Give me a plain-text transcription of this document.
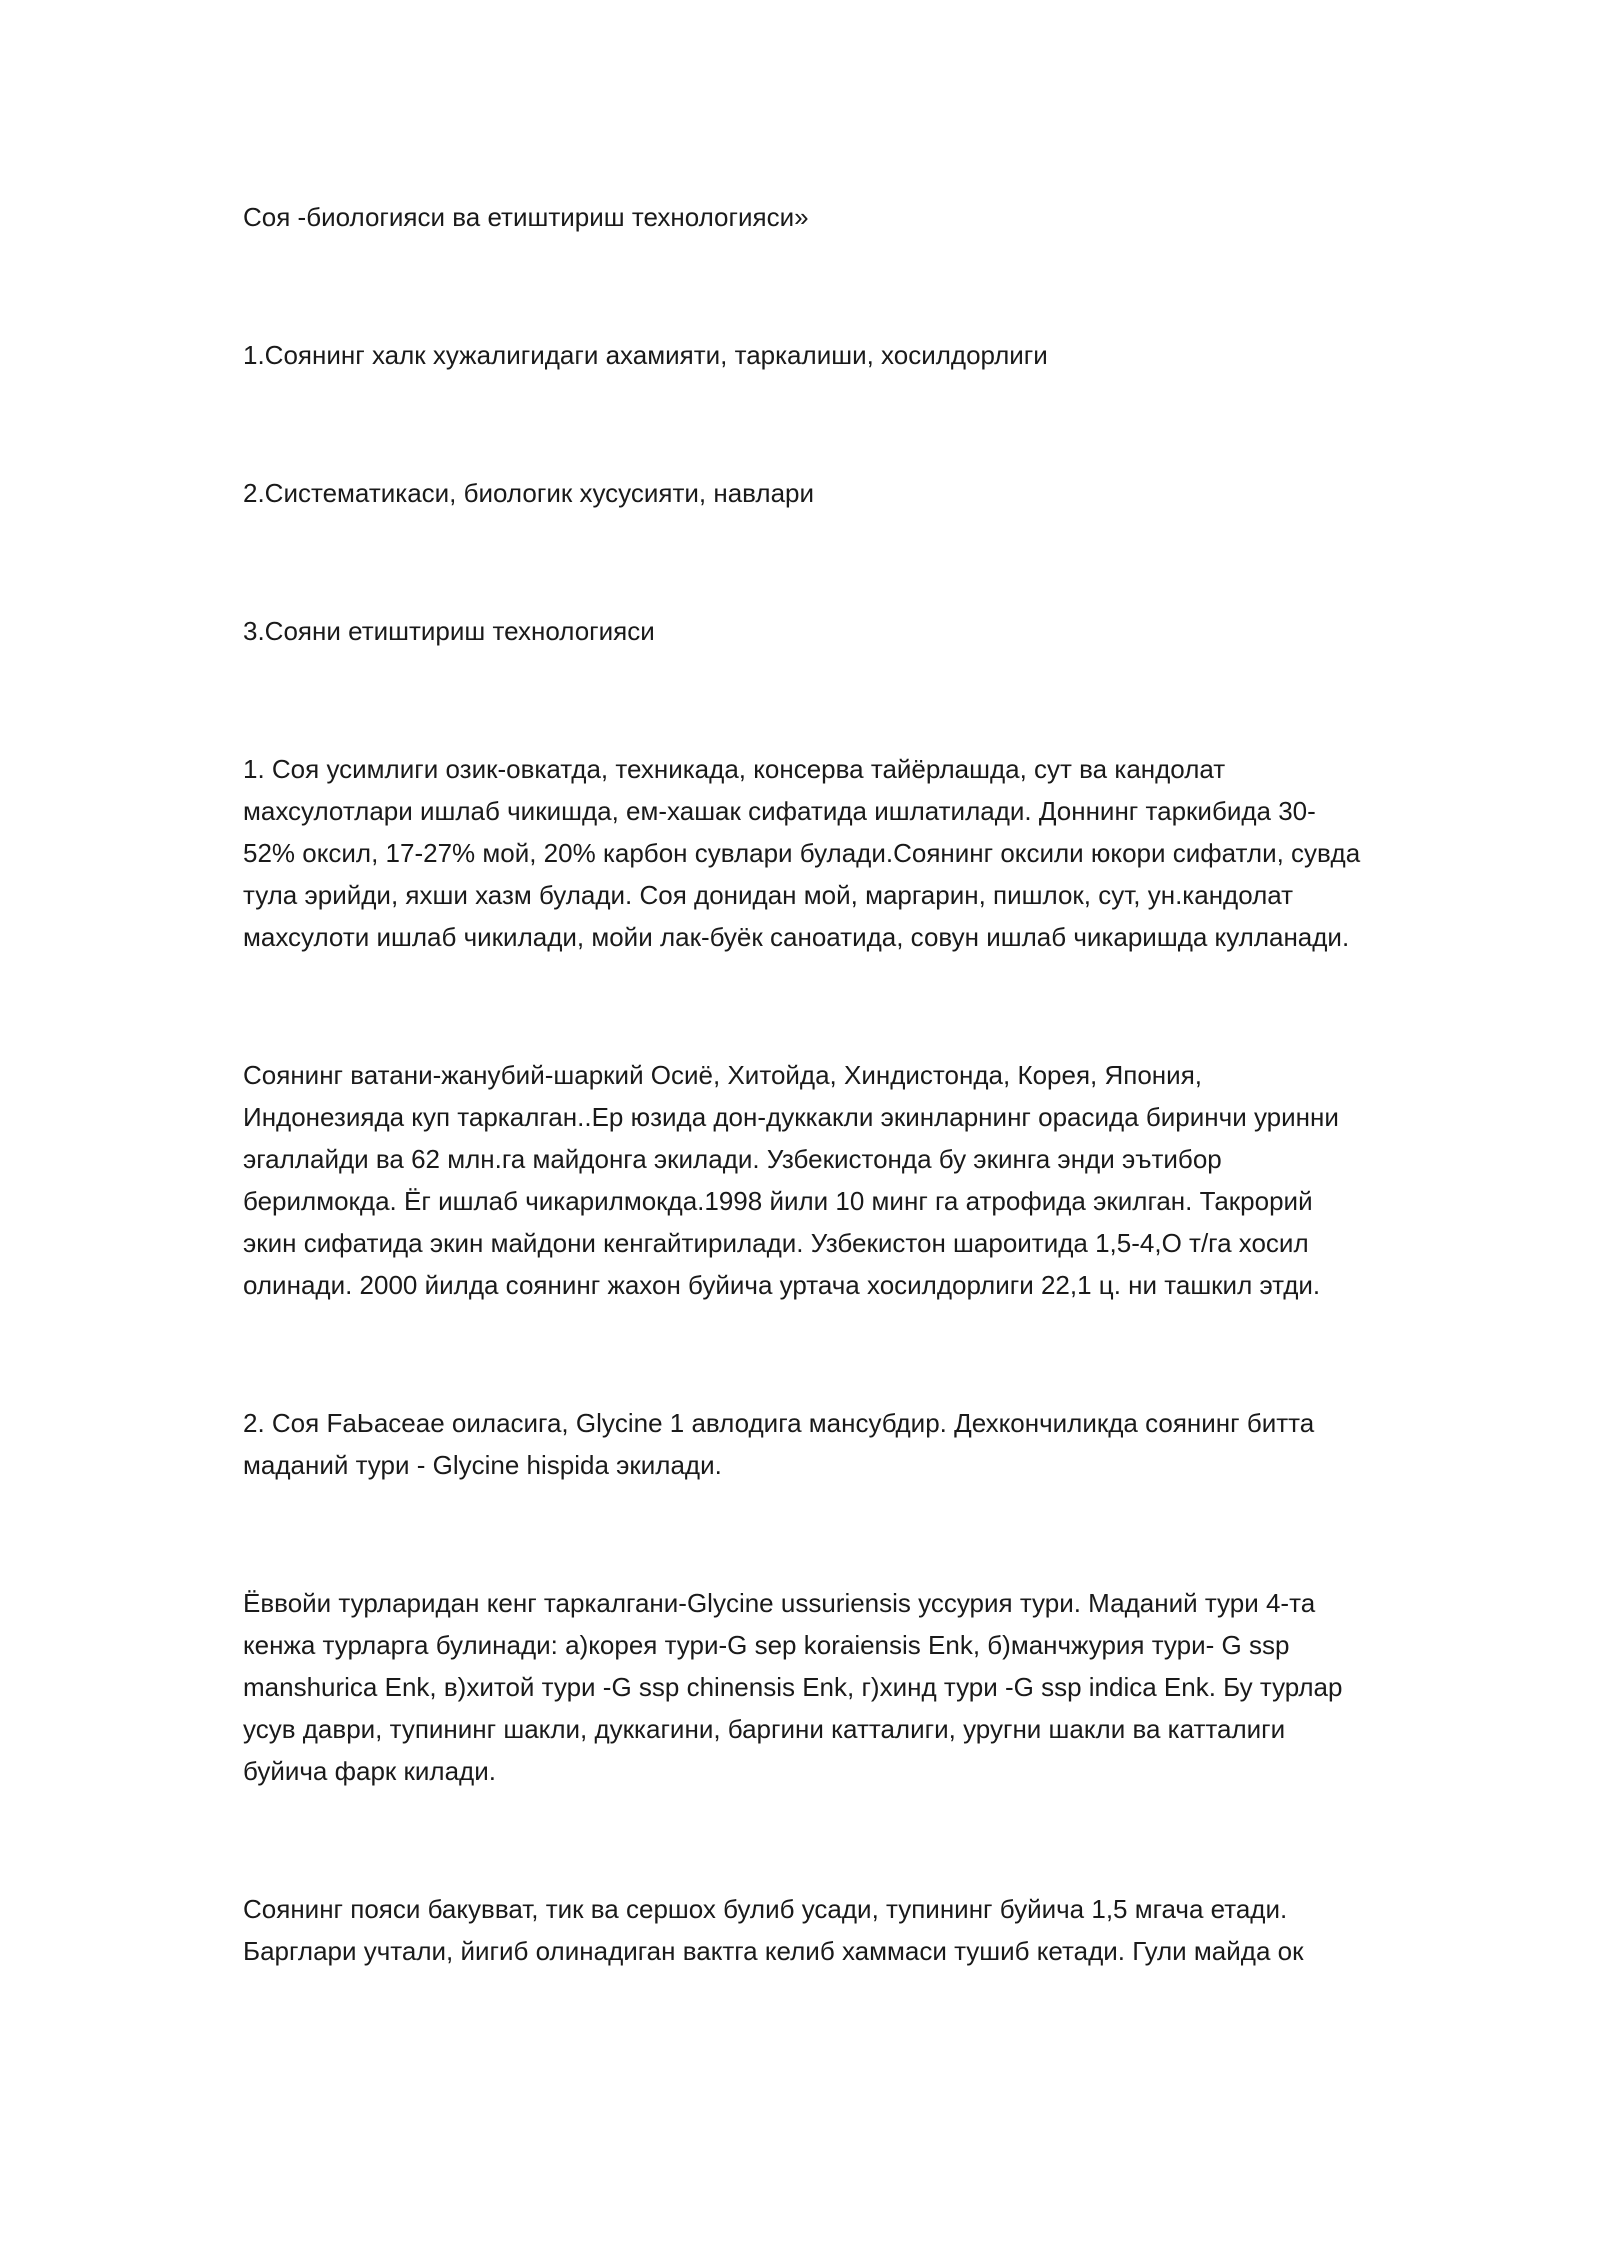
Соя -биологияси ва етиштириш технологияси»

1.Соянинг халк хужалигидаги ахамияти, таркалиши, хосилдорлиги

2.Систематикаси, биологик хусусияти, навлари

3.Сояни етиштириш технологияси

1. Соя усимлиги озик-овкатда, техникада, консерва тайёрлашда, сут ва кандолат махсулотлари ишлаб чикишда, ем-хашак сифатида ишлатилади. Доннинг таркибида 30-52% оксил, 17-27% мой, 20% карбон сувлари булади.Соянинг оксили юкори сифатли, сувда тула эрийди, яхши хазм булади. Соя донидан мой, маргарин, пишлок, сут, ун.кандолат махсулоти ишлаб чикилади, мойи лак-буёк саноатида, совун ишлаб чикаришда кулланади.

Соянинг ватани-жанубий-шаркий Осиё, Хитойда, Хиндистонда, Корея, Япония, Индонезияда куп таркалган..Ер юзида дон-дуккакли экинларнинг орасида биринчи уринни эгаллайди ва 62 млн.га майдонга экилади. Узбекистонда бу экинга энди эътибор берилмокда. Ёг ишлаб чикарилмокда.1998 йили 10 минг га атрофида экилган. Такрорий экин сифатида экин майдони кенгайтирилади. Узбекистон шароитида 1,5-4,О т/га хосил олинади. 2000 йилда соянинг жахон буйича уртача хосилдорлиги 22,1 ц. ни ташкил этди.

2. Соя FаЬасеае оиласига, Glycine 1 авлодига мансубдир. Дехкончиликда соянинг битта маданий тури - Glycine hispida экилади.

Ёввойи турларидан кенг таркалгани-Glycine ussuriensis уссурия тури. Маданий тури 4-та кенжа турларга булинади: а)корея тури-G sep koraiensis Enk, б)манчжурия тури- G ssp manshurica Enk, в)хитой тури -G ssp chinensis Enk, г)хинд тури -G ssp indica Enk. Бу турлар усув даври, тупининг шакли, дуккагини, баргини катталиги, уругни шакли ва катталиги буйича фарк килади.

Соянинг пояси бакувват, тик ва сершох булиб усади, тупининг буйича 1,5 мгача етади. Барглари учтали, йигиб олинадиган вактга келиб хаммаси тушиб кетади. Гули майда ок
